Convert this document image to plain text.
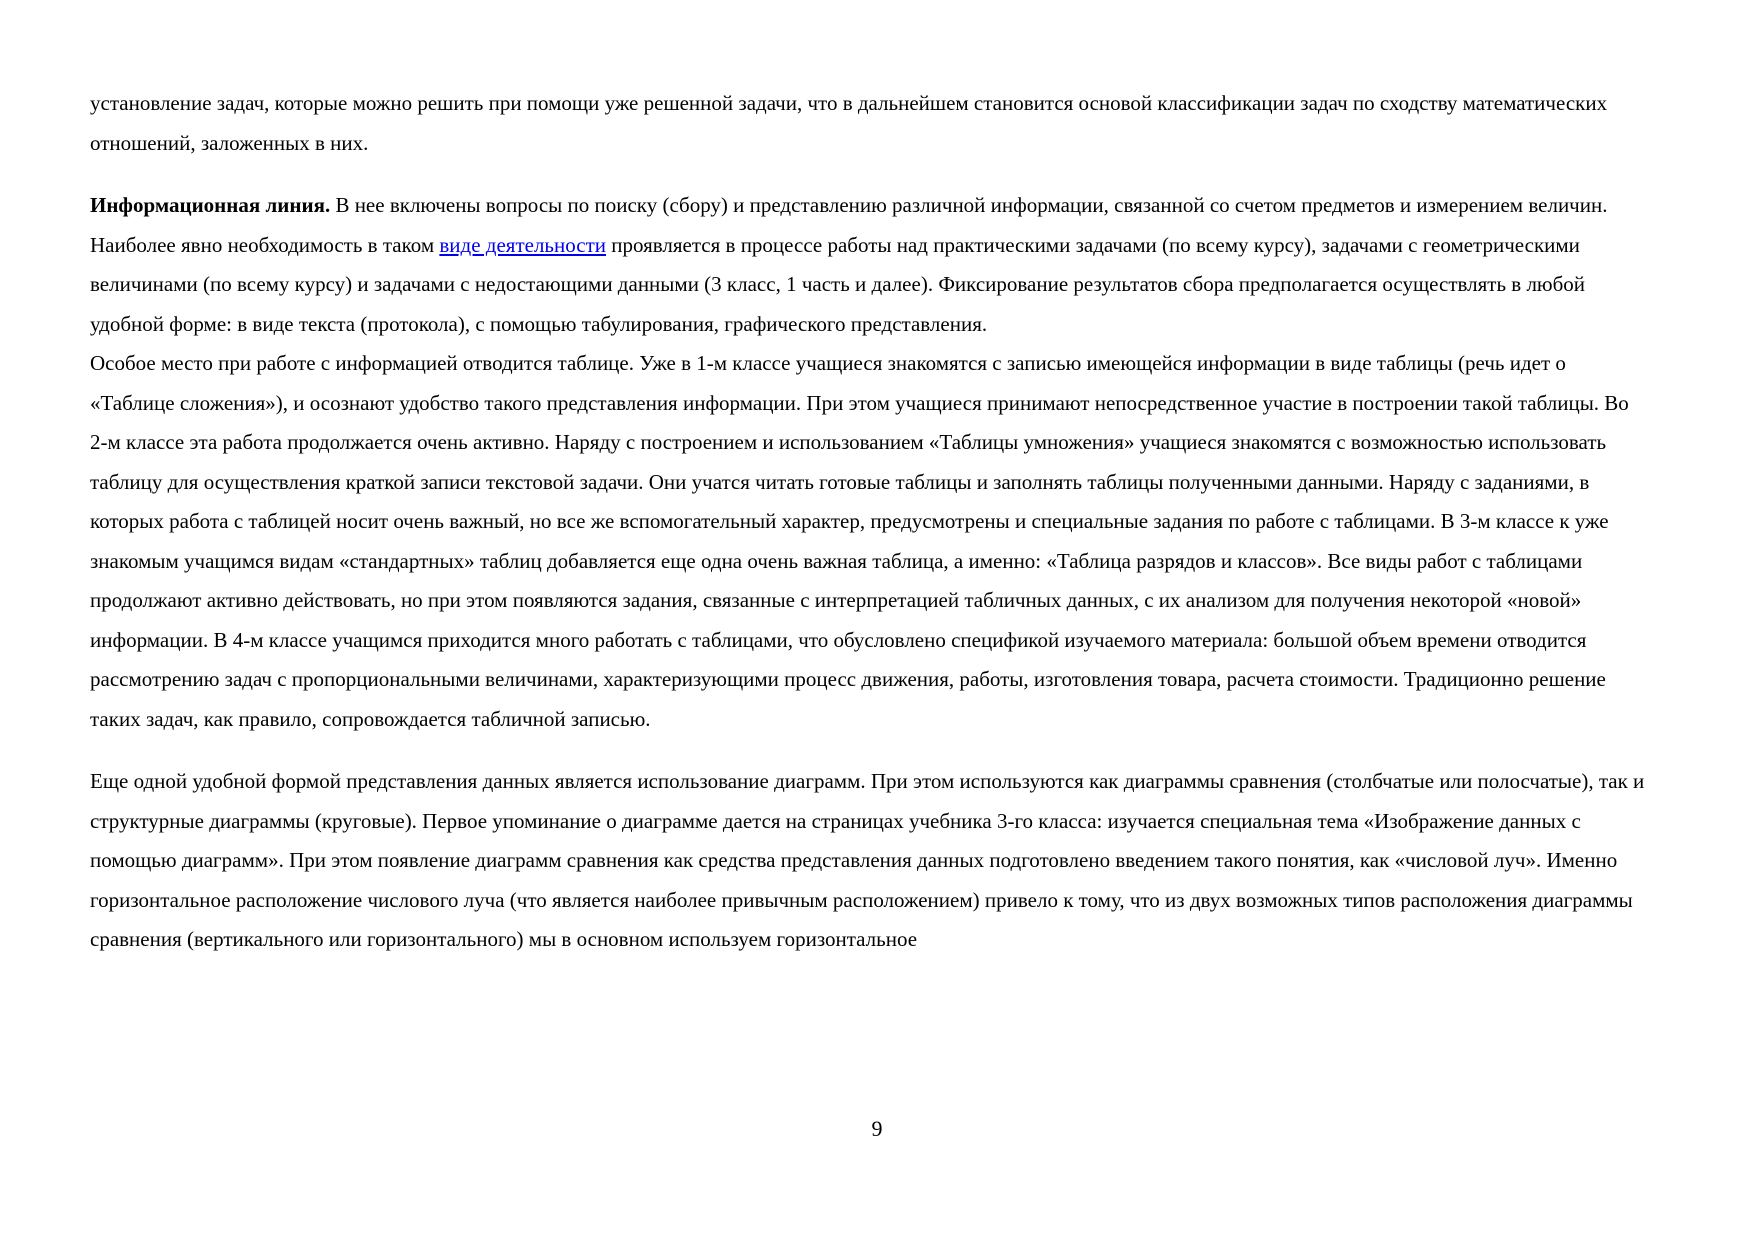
установление задач, которые можно решить при помощи уже решенной задачи, что в дальнейшем становится основой классификации задач по сходству математических отношений, заложенных в них.

Информационная линия. В нее включены вопросы по поиску (сбору) и представлению различной информации, связанной со счетом предметов и измерением величин. Наиболее явно необходимость в таком виде деятельности проявляется в процессе работы над практическими задачами (по всему курсу), задачами с геометрическими величинами (по всему курсу) и задачами с недостающими данными (3 класс, 1 часть и далее). Фиксирование результатов сбора предполагается осуществлять в любой удобной форме: в виде текста (протокола), с помощью табулирования, графического представления.

Особое место при работе с информацией отводится таблице. Уже в 1-м классе учащиеся знакомятся с записью имеющейся информации в виде таблицы (речь идет о «Таблице сложения»), и осознают удобство такого представления информации. При этом учащиеся принимают непосредственное участие в построении такой таблицы. Во 2-м классе эта работа продолжается очень активно. Наряду с построением и использованием «Таблицы умножения» учащиеся знакомятся с возможностью использовать таблицу для осуществления краткой записи текстовой задачи. Они учатся читать готовые таблицы и заполнять таблицы полученными данными. Наряду с заданиями, в которых работа с таблицей носит очень важный, но все же вспомогательный характер, предусмотрены и специальные задания по работе с таблицами. В 3-м классе к уже знакомым учащимся видам «стандартных» таблиц добавляется еще одна очень важная таблица, а именно: «Таблица разрядов и классов». Все виды работ с таблицами продолжают активно действовать, но при этом появляются задания, связанные с интерпретацией табличных данных, с их анализом для получения некоторой «новой» информации. В 4-м классе учащимся приходится много работать с таблицами, что обусловлено спецификой изучаемого материала: большой объем времени отводится рассмотрению задач с пропорциональными величинами, характеризующими процесс движения, работы, изготовления товара, расчета стоимости. Традиционно решение таких задач, как правило, сопровождается табличной записью.

Еще одной удобной формой представления данных является использование диаграмм. При этом используются как диаграммы сравнения (столбчатые или полосчатые), так и структурные диаграммы (круговые). Первое упоминание о диаграмме дается на страницах учебника 3-го класса: изучается специальная тема «Изображение данных с помощью диаграмм». При этом появление диаграмм сравнения как средства представления данных подготовлено введением такого понятия, как «числовой луч». Именно горизонтальное расположение числового луча (что является наиболее привычным расположением) привело к тому, что из двух возможных типов расположения диаграммы сравнения (вертикального или горизонтального) мы в основном используем горизонтальное

9
